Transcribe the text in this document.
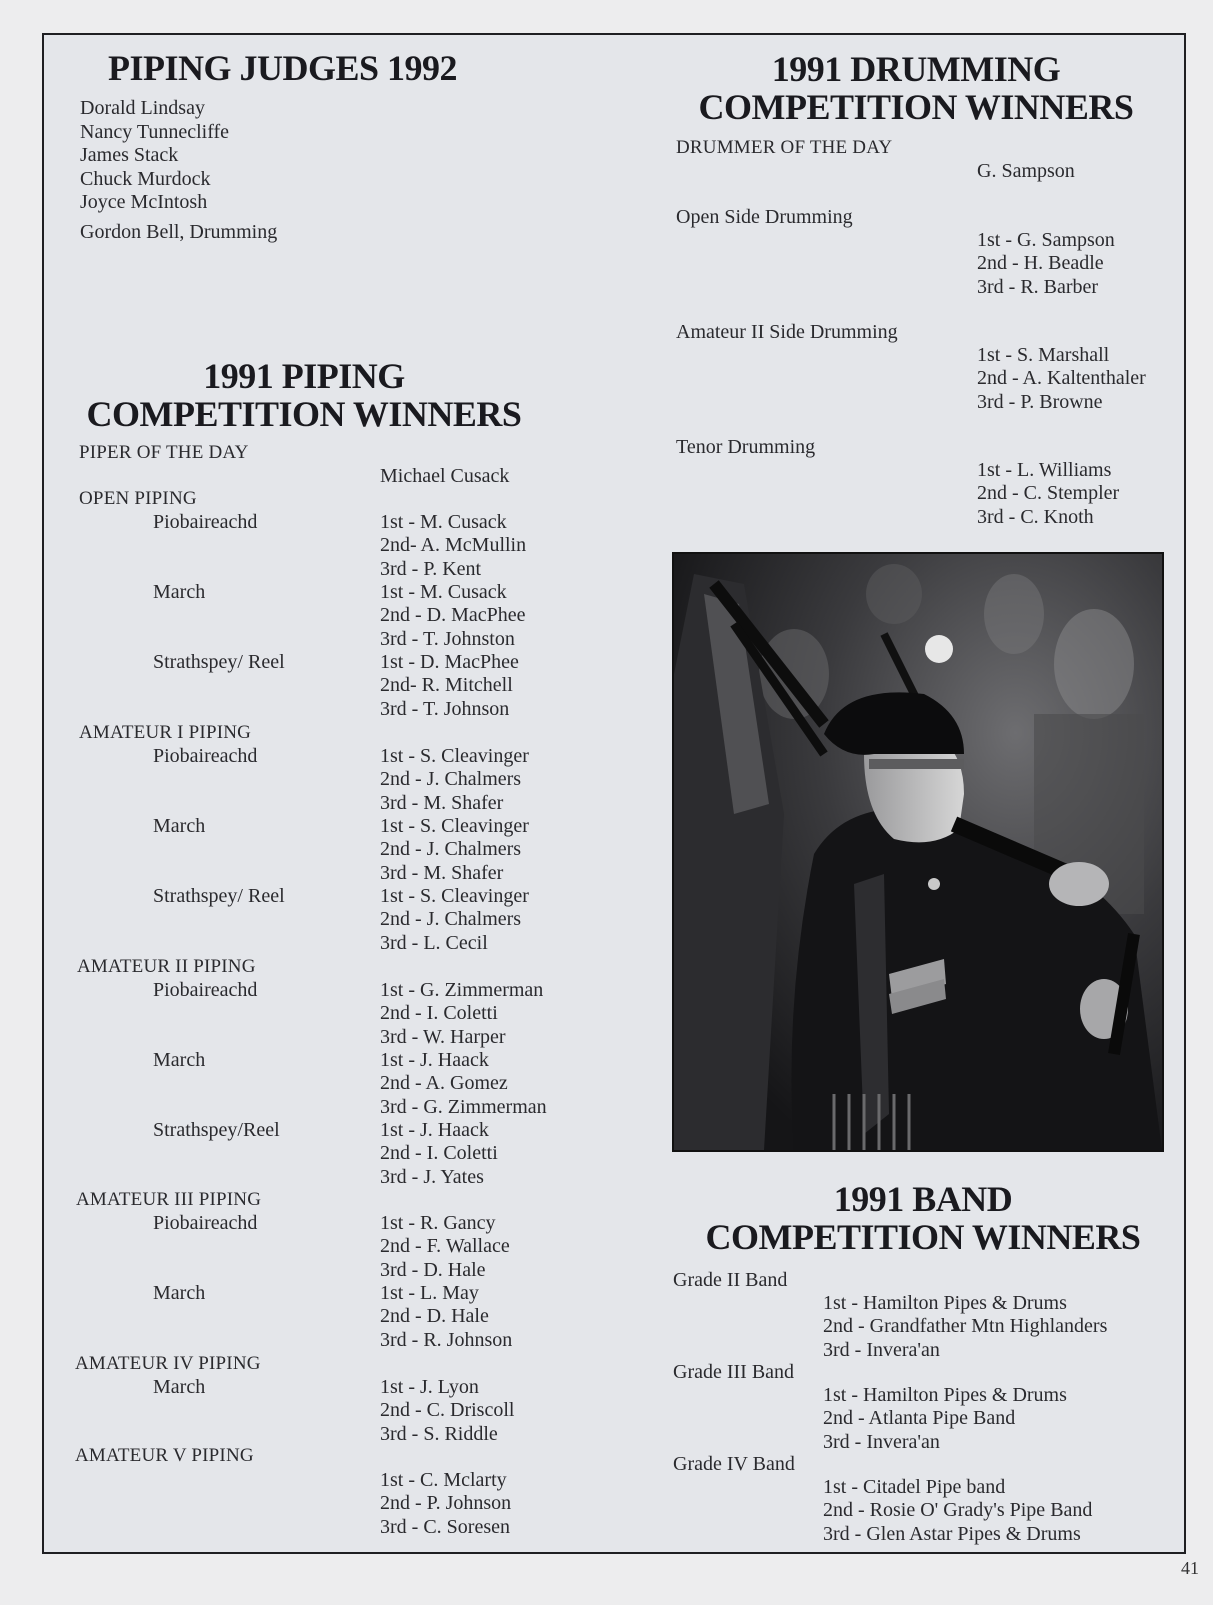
PIPING JUDGES 1992
Dorald Lindsay
Nancy Tunnecliffe
James Stack
Chuck Murdock
Joyce McIntosh
Gordon Bell, Drumming
1991 DRUMMING
COMPETITION WINNERS
DRUMMER OF THE DAY
G. Sampson
Open Side Drumming
1st - G. Sampson
2nd - H. Beadle
3rd - R. Barber
Amateur II Side Drumming
1st - S. Marshall
2nd - A. Kaltenthaler
3rd - P. Browne
Tenor Drumming
1st - L. Williams
2nd - C. Stempler
3rd - C. Knoth
1991 PIPING
COMPETITION WINNERS
PIPER OF THE DAY
Michael Cusack
OPEN PIPING
Piobaireachd	1st - M. Cusack
2nd- A. McMullin
3rd - P. Kent
March	1st - M. Cusack
2nd - D. MacPhee
3rd - T. Johnston
Strathspey/ Reel	1st - D. MacPhee
2nd- R. Mitchell
3rd - T. Johnson
AMATEUR I PIPING
Piobaireachd	1st - S. Cleavinger
2nd - J. Chalmers
3rd - M. Shafer
March	1st - S. Cleavinger
2nd - J. Chalmers
3rd - M. Shafer
Strathspey/ Reel	1st - S. Cleavinger
2nd - J. Chalmers
3rd - L. Cecil
AMATEUR II PIPING
Piobaireachd	1st - G. Zimmerman
2nd - I. Coletti
3rd - W. Harper
March	1st - J. Haack
2nd - A. Gomez
3rd - G. Zimmerman
Strathspey/Reel	1st - J. Haack
2nd - I. Coletti
3rd - J. Yates
AMATEUR III PIPING
Piobaireachd	1st - R. Gancy
2nd - F. Wallace
3rd - D. Hale
March	1st - L. May
2nd - D. Hale
3rd - R. Johnson
AMATEUR IV PIPING
March	1st - J. Lyon
2nd - C. Driscoll
3rd - S. Riddle
AMATEUR V PIPING
1st - C. Mclarty
2nd - P. Johnson
3rd - C. Soresen
1991 BAND
COMPETITION WINNERS
Grade II Band
1st - Hamilton Pipes & Drums
2nd - Grandfather Mtn Highlanders
3rd - Invera'an
Grade III Band
1st - Hamilton Pipes & Drums
2nd - Atlanta Pipe Band
3rd - Invera'an
Grade IV Band
1st - Citadel Pipe band
2nd - Rosie O' Grady's Pipe Band
3rd - Glen Astar Pipes & Drums
41
